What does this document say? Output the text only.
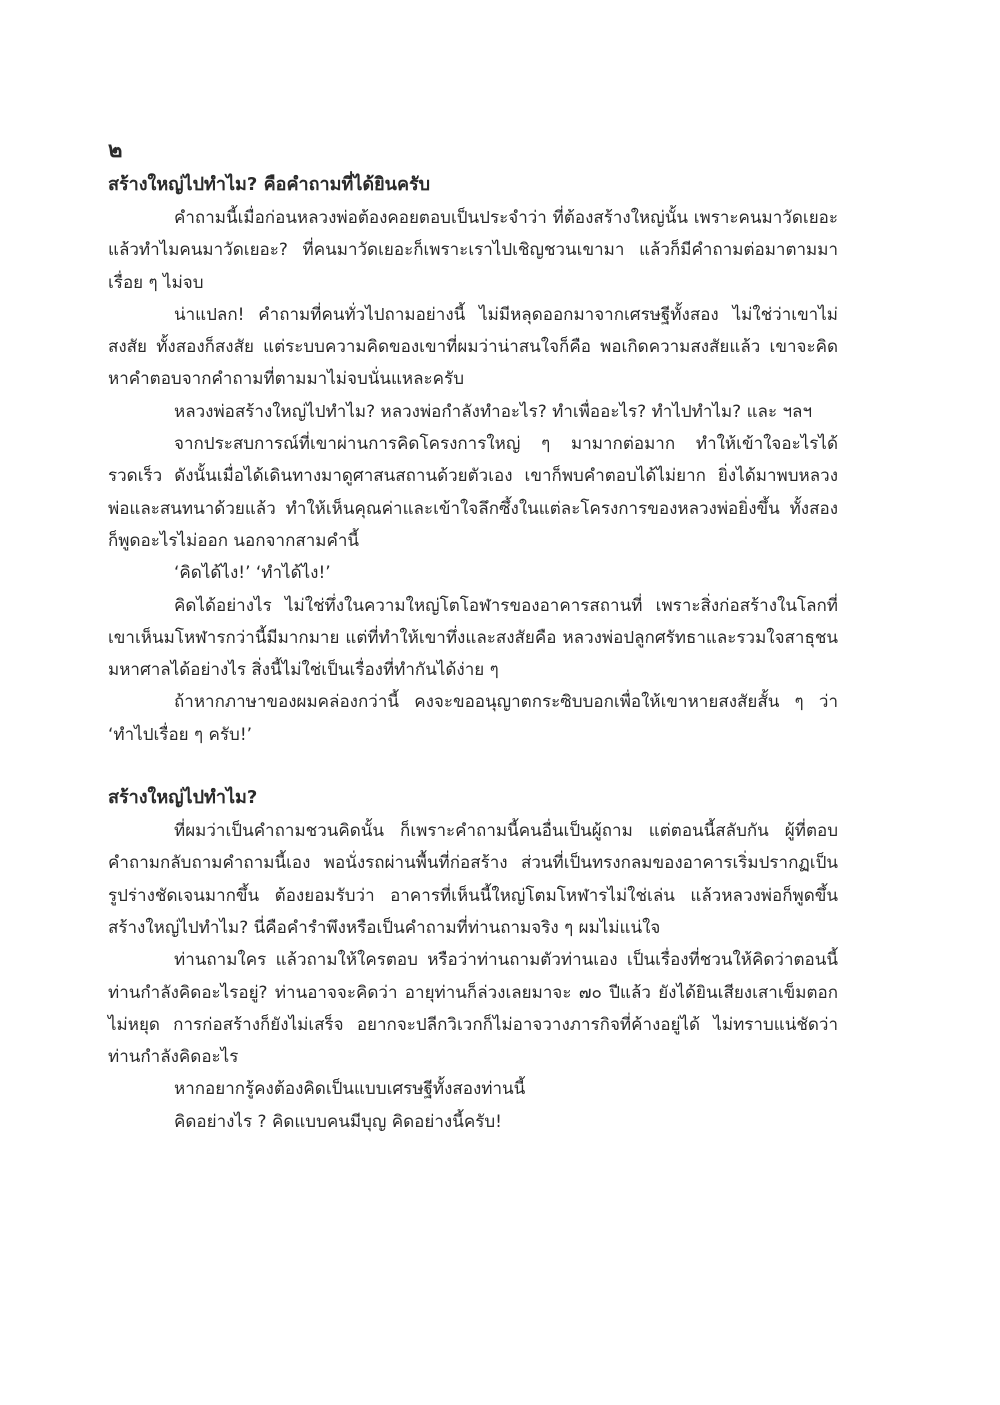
๒
สร้างใหญ่ไปทำไม? คือคำถามที่ได้ยินครับ

คำถามนี้เมื่อก่อนหลวงพ่อต้องคอยตอบเป็นประจำว่า ที่ต้องสร้างใหญ่นั้น เพราะคนมาวัดเยอะ แล้วทำไมคนมาวัดเยอะ? ที่คนมาวัดเยอะก็เพราะเราไปเชิญชวนเขามา แล้วก็มีคำถามต่อมาตามมาเรื่อย ๆ ไม่จบ

น่าแปลก! คำถามที่คนทั่วไปถามอย่างนี้ ไม่มีหลุดออกมาจากเศรษฐีทั้งสอง ไม่ใช่ว่าเขาไม่สงสัย ทั้งสองก็สงสัย แต่ระบบความคิดของเขาที่ผมว่าน่าสนใจก็คือ พอเกิดความสงสัยแล้ว เขาจะคิดหาคำตอบจากคำถามที่ตามมาไม่จบนั่นแหละครับ

หลวงพ่อสร้างใหญ่ไปทำไม? หลวงพ่อกำลังทำอะไร? ทำเพื่ออะไร? ทำไปทำไม? และ ฯลฯ

จากประสบการณ์ที่เขาผ่านการคิดโครงการใหญ่ ๆ มามากต่อมาก ทำให้เข้าใจอะไรได้รวดเร็ว ดังนั้นเมื่อได้เดินทางมาดูศาสนสถานด้วยตัวเอง เขาก็พบคำตอบได้ไม่ยาก ยิ่งได้มาพบหลวงพ่อและสนทนาด้วยแล้ว ทำให้เห็นคุณค่าและเข้าใจลึกซึ้งในแต่ละโครงการของหลวงพ่อยิ่งขึ้น ทั้งสองก็พูดอะไรไม่ออก นอกจากสามคำนี้

‘คิดได้ไง!’ ‘ทำได้ไง!’

คิดได้อย่างไร ไม่ใช่ทึ่งในความใหญ่โตโอฬารของอาคารสถานที่ เพราะสิ่งก่อสร้างในโลกที่เขาเห็นมโหฬารกว่านี้มีมากมาย แต่ที่ทำให้เขาทึ่งและสงสัยคือ หลวงพ่อปลูกศรัทธาและรวมใจสาธุชนมหาศาลได้อย่างไร สิ่งนี้ไม่ใช่เป็นเรื่องที่ทำกันได้ง่าย ๆ

ถ้าหากภาษาของผมคล่องกว่านี้ คงจะขออนุญาตกระซิบบอกเพื่อให้เขาหายสงสัยสั้น ๆ ว่า ‘ทำไปเรื่อย ๆ ครับ!’

สร้างใหญ่ไปทำไม?

ที่ผมว่าเป็นคำถามชวนคิดนั้น ก็เพราะคำถามนี้คนอื่นเป็นผู้ถาม แต่ตอนนี้สลับกัน ผู้ที่ตอบคำถามกลับถามคำถามนี้เอง พอนั่งรถผ่านพื้นที่ก่อสร้าง ส่วนที่เป็นทรงกลมของอาคารเริ่มปรากฏเป็นรูปร่างชัดเจนมากขึ้น ต้องยอมรับว่า อาคารที่เห็นนี้ใหญ่โตมโหฬารไม่ใช่เล่น แล้วหลวงพ่อก็พูดขึ้น สร้างใหญ่ไปทำไม? นี่คือคำรำพึงหรือเป็นคำถามที่ท่านถามจริง ๆ ผมไม่แน่ใจ

ท่านถามใคร แล้วถามให้ใครตอบ หรือว่าท่านถามตัวท่านเอง เป็นเรื่องที่ชวนให้คิดว่าตอนนี้ท่านกำลังคิดอะไรอยู่? ท่านอาจจะคิดว่า อายุท่านก็ล่วงเลยมาจะ ๗๐ ปีแล้ว ยังได้ยินเสียงเสาเข็มตอกไม่หยุด การก่อสร้างก็ยังไม่เสร็จ อยากจะปลีกวิเวกก็ไม่อาจวางภารกิจที่ค้างอยู่ได้ ไม่ทราบแน่ชัดว่าท่านกำลังคิดอะไร

หากอยากรู้คงต้องคิดเป็นแบบเศรษฐีทั้งสองท่านนี้

คิดอย่างไร ? คิดแบบคนมีบุญ คิดอย่างนี้ครับ!
